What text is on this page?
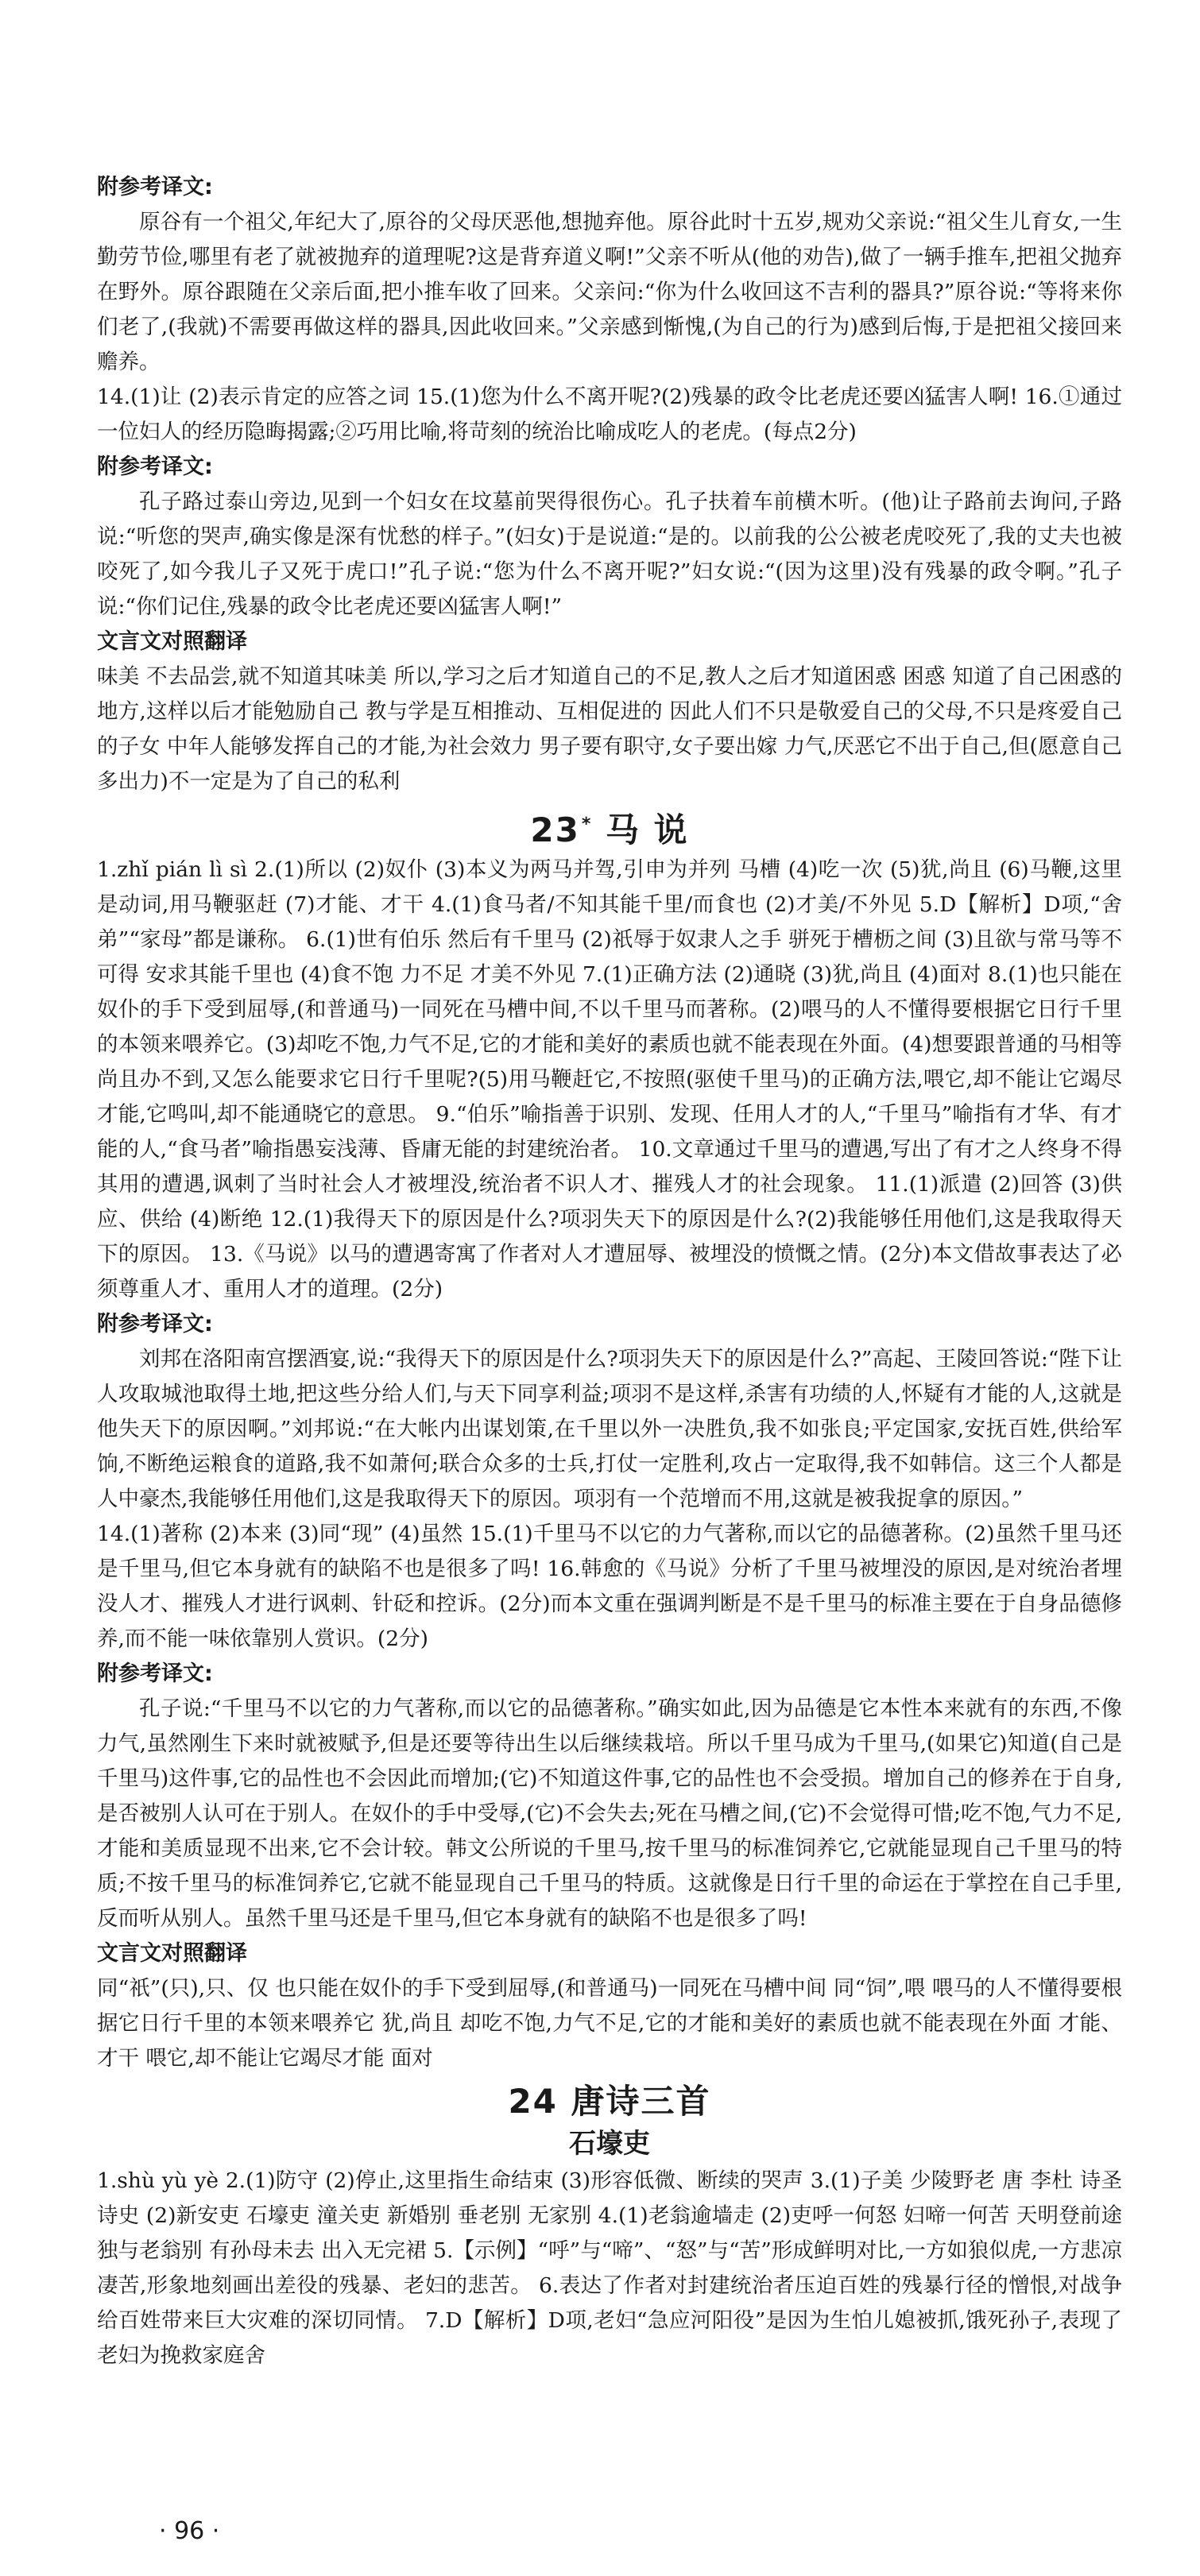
附参考译文:

原谷有一个祖父,年纪大了,原谷的父母厌恶他,想抛弃他。原谷此时十五岁,规劝父亲说:“祖父生儿育女,一生勤劳节俭,哪里有老了就被抛弃的道理呢?这是背弃道义啊!”父亲不听从(他的劝告),做了一辆手推车,把祖父抛弃在野外。原谷跟随在父亲后面,把小推车收了回来。父亲问:“你为什么收回这不吉利的器具?”原谷说:“等将来你们老了,(我就)不需要再做这样的器具,因此收回来。”父亲感到惭愧,(为自己的行为)感到后悔,于是把祖父接回来赡养。

14.(1)让 (2)表示肯定的应答之词 15.(1)您为什么不离开呢?(2)残暴的政令比老虎还要凶猛害人啊! 16.①通过一位妇人的经历隐晦揭露;②巧用比喻,将苛刻的统治比喻成吃人的老虎。(每点2分)

附参考译文:

孔子路过泰山旁边,见到一个妇女在坟墓前哭得很伤心。孔子扶着车前横木听。(他)让子路前去询问,子路说:“听您的哭声,确实像是深有忧愁的样子。”(妇女)于是说道:“是的。以前我的公公被老虎咬死了,我的丈夫也被咬死了,如今我儿子又死于虎口!”孔子说:“您为什么不离开呢?”妇女说:“(因为这里)没有残暴的政令啊。”孔子说:“你们记住,残暴的政令比老虎还要凶猛害人啊!”

文言文对照翻译

味美 不去品尝,就不知道其味美 所以,学习之后才知道自己的不足,教人之后才知道困惑 困惑 知道了自己困惑的地方,这样以后才能勉励自己 教与学是互相推动、互相促进的 因此人们不只是敬爱自己的父母,不只是疼爱自己的子女 中年人能够发挥自己的才能,为社会效力 男子要有职守,女子要出嫁 力气,厌恶它不出于自己,但(愿意自己多出力)不一定是为了自己的私利

23* 马 说

1.zhǐ pián lì sì 2.(1)所以 (2)奴仆 (3)本义为两马并驾,引申为并列 马槽 (4)吃一次 (5)犹,尚且 (6)马鞭,这里是动词,用马鞭驱赶 (7)才能、才干 4.(1)食马者/不知其能千里/而食也 (2)才美/不外见 5.D【解析】D项,“舍弟”“家母”都是谦称。 6.(1)世有伯乐 然后有千里马 (2)祇辱于奴隶人之手 骈死于槽枥之间 (3)且欲与常马等不可得 安求其能千里也 (4)食不饱 力不足 才美不外见 7.(1)正确方法 (2)通晓 (3)犹,尚且 (4)面对 8.(1)也只能在奴仆的手下受到屈辱,(和普通马)一同死在马槽中间,不以千里马而著称。(2)喂马的人不懂得要根据它日行千里的本领来喂养它。(3)却吃不饱,力气不足,它的才能和美好的素质也就不能表现在外面。(4)想要跟普通的马相等尚且办不到,又怎么能要求它日行千里呢?(5)用马鞭赶它,不按照(驱使千里马)的正确方法,喂它,却不能让它竭尽才能,它鸣叫,却不能通晓它的意思。 9.“伯乐”喻指善于识别、发现、任用人才的人,“千里马”喻指有才华、有才能的人,“食马者”喻指愚妄浅薄、昏庸无能的封建统治者。 10.文章通过千里马的遭遇,写出了有才之人终身不得其用的遭遇,讽刺了当时社会人才被埋没,统治者不识人才、摧残人才的社会现象。 11.(1)派遣 (2)回答 (3)供应、供给 (4)断绝 12.(1)我得天下的原因是什么?项羽失天下的原因是什么?(2)我能够任用他们,这是我取得天下的原因。 13.《马说》以马的遭遇寄寓了作者对人才遭屈辱、被埋没的愤慨之情。(2分)本文借故事表达了必须尊重人才、重用人才的道理。(2分)

附参考译文:

刘邦在洛阳南宫摆酒宴,说:“我得天下的原因是什么?项羽失天下的原因是什么?”高起、王陵回答说:“陛下让人攻取城池取得土地,把这些分给人们,与天下同享利益;项羽不是这样,杀害有功绩的人,怀疑有才能的人,这就是他失天下的原因啊。”刘邦说:“在大帐内出谋划策,在千里以外一决胜负,我不如张良;平定国家,安抚百姓,供给军饷,不断绝运粮食的道路,我不如萧何;联合众多的士兵,打仗一定胜利,攻占一定取得,我不如韩信。这三个人都是人中豪杰,我能够任用他们,这是我取得天下的原因。项羽有一个范增而不用,这就是被我捉拿的原因。”

14.(1)著称 (2)本来 (3)同“现” (4)虽然 15.(1)千里马不以它的力气著称,而以它的品德著称。(2)虽然千里马还是千里马,但它本身就有的缺陷不也是很多了吗! 16.韩愈的《马说》分析了千里马被埋没的原因,是对统治者埋没人才、摧残人才进行讽刺、针砭和控诉。(2分)而本文重在强调判断是不是千里马的标准主要在于自身品德修养,而不能一味依靠别人赏识。(2分)

附参考译文:

孔子说:“千里马不以它的力气著称,而以它的品德著称。”确实如此,因为品德是它本性本来就有的东西,不像力气,虽然刚生下来时就被赋予,但是还要等待出生以后继续栽培。所以千里马成为千里马,(如果它)知道(自己是千里马)这件事,它的品性也不会因此而增加;(它)不知道这件事,它的品性也不会受损。增加自己的修养在于自身,是否被别人认可在于别人。在奴仆的手中受辱,(它)不会失去;死在马槽之间,(它)不会觉得可惜;吃不饱,气力不足,才能和美质显现不出来,它不会计较。韩文公所说的千里马,按千里马的标准饲养它,它就能显现自己千里马的特质;不按千里马的标准饲养它,它就不能显现自己千里马的特质。这就像是日行千里的命运在于掌控在自己手里,反而听从别人。虽然千里马还是千里马,但它本身就有的缺陷不也是很多了吗!

文言文对照翻译

同“祇”(只),只、仅 也只能在奴仆的手下受到屈辱,(和普通马)一同死在马槽中间 同“饲”,喂 喂马的人不懂得要根据它日行千里的本领来喂养它 犹,尚且 却吃不饱,力气不足,它的才能和美好的素质也就不能表现在外面 才能、才干 喂它,却不能让它竭尽才能 面对

24 唐诗三首
石壕吏

1.shù yù yè 2.(1)防守 (2)停止,这里指生命结束 (3)形容低微、断续的哭声 3.(1)子美 少陵野老 唐 李杜 诗圣 诗史 (2)新安吏 石壕吏 潼关吏 新婚别 垂老别 无家别 4.(1)老翁逾墙走 (2)吏呼一何怒 妇啼一何苦 天明登前途 独与老翁别 有孙母未去 出入无完裙 5.【示例】“呼”与“啼”、“怒”与“苦”形成鲜明对比,一方如狼似虎,一方悲凉凄苦,形象地刻画出差役的残暴、老妇的悲苦。 6.表达了作者对封建统治者压迫百姓的残暴行径的憎恨,对战争给百姓带来巨大灾难的深切同情。 7.D【解析】D项,老妇“急应河阳役”是因为生怕儿媳被抓,饿死孙子,表现了老妇为挽救家庭舍

· 96 ·
